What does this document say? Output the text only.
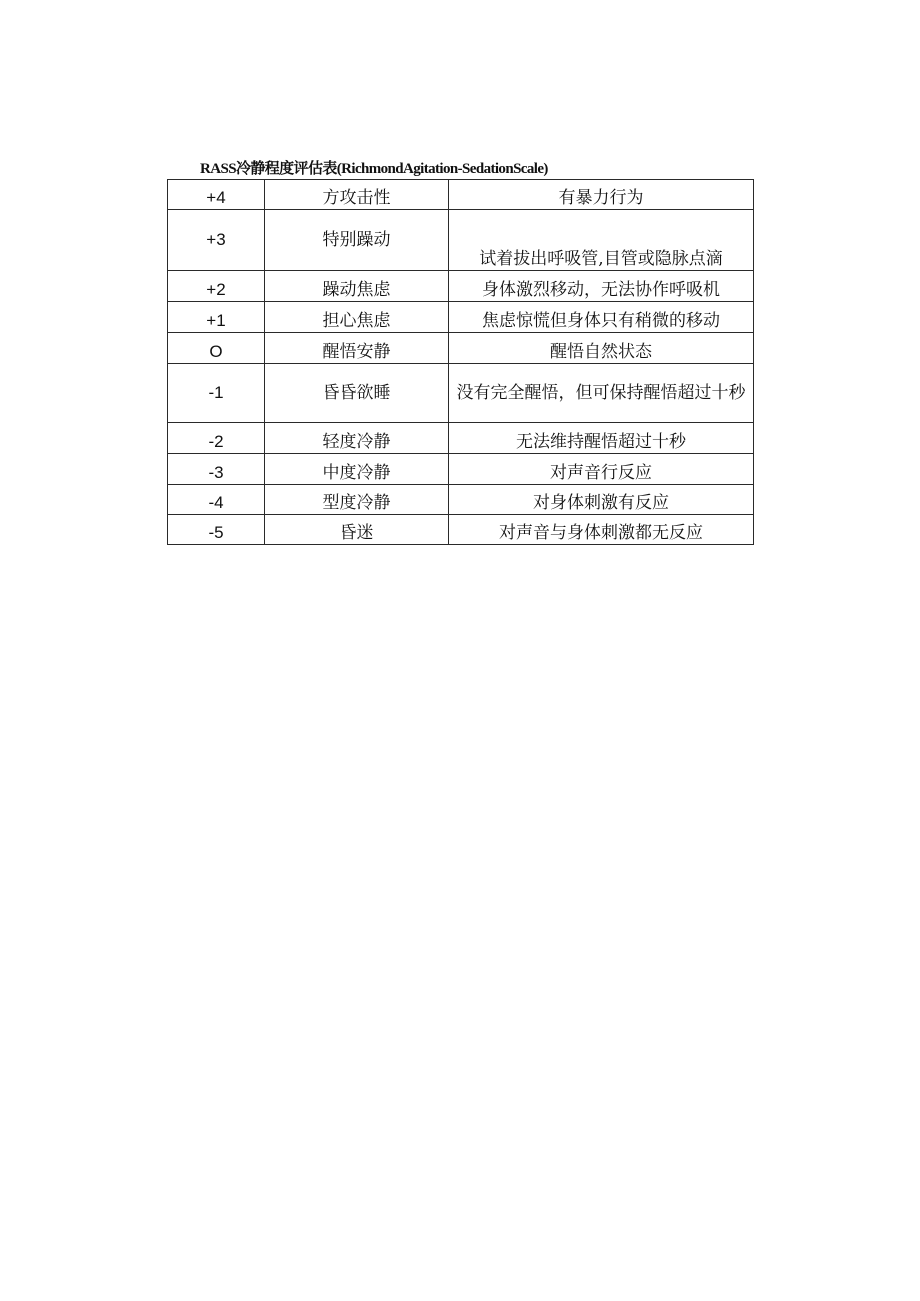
RASS冷静程度评估表(RichmondAgitation-SedationScale)
+4	方攻击性	有暴力行为
+3	特别躁动	试着拔出呼吸管,目管或隐脉点滴
+2	躁动焦虑	身体激烈移动，无法协作呼吸机
+1	担心焦虑	焦虑惊慌但身体只有稍微的移动
O	醒悟安静	醒悟自然状态
-1	昏昏欲睡	没有完全醒悟，但可保持醒悟超过十秒
-2	轻度冷静	无法维持醒悟超过十秒
-3	中度冷静	对声音行反应
-4	型度冷静	对身体刺激有反应
-5	昏迷	对声音与身体刺激都无反应
